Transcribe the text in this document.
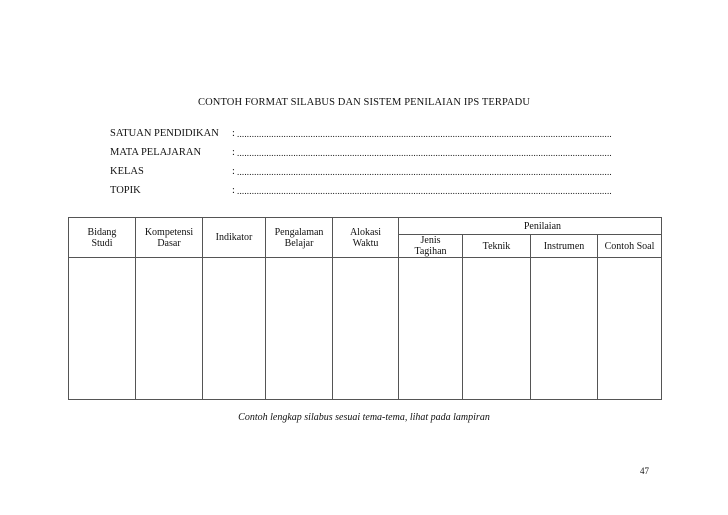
CONTOH FORMAT SILABUS DAN SISTEM PENILAIAN IPS TERPADU
SATUAN PENDIDIKAN : .........................................................................................................................................................
MATA PELAJARAN	: .........................................................................................................................................................
KELAS	: .........................................................................................................................................................
TOPIK	: .........................................................................................................................................................
Bidang Studi	Kompetensi Dasar	Indikator	Pengalaman Belajar	Alokasi Waktu	Penilaian			
					Jenis Tagihan	Teknik	Instrumen	Contoh Soal

Contoh lengkap silabus sesuai tema-tema, lihat pada lampiran
47
